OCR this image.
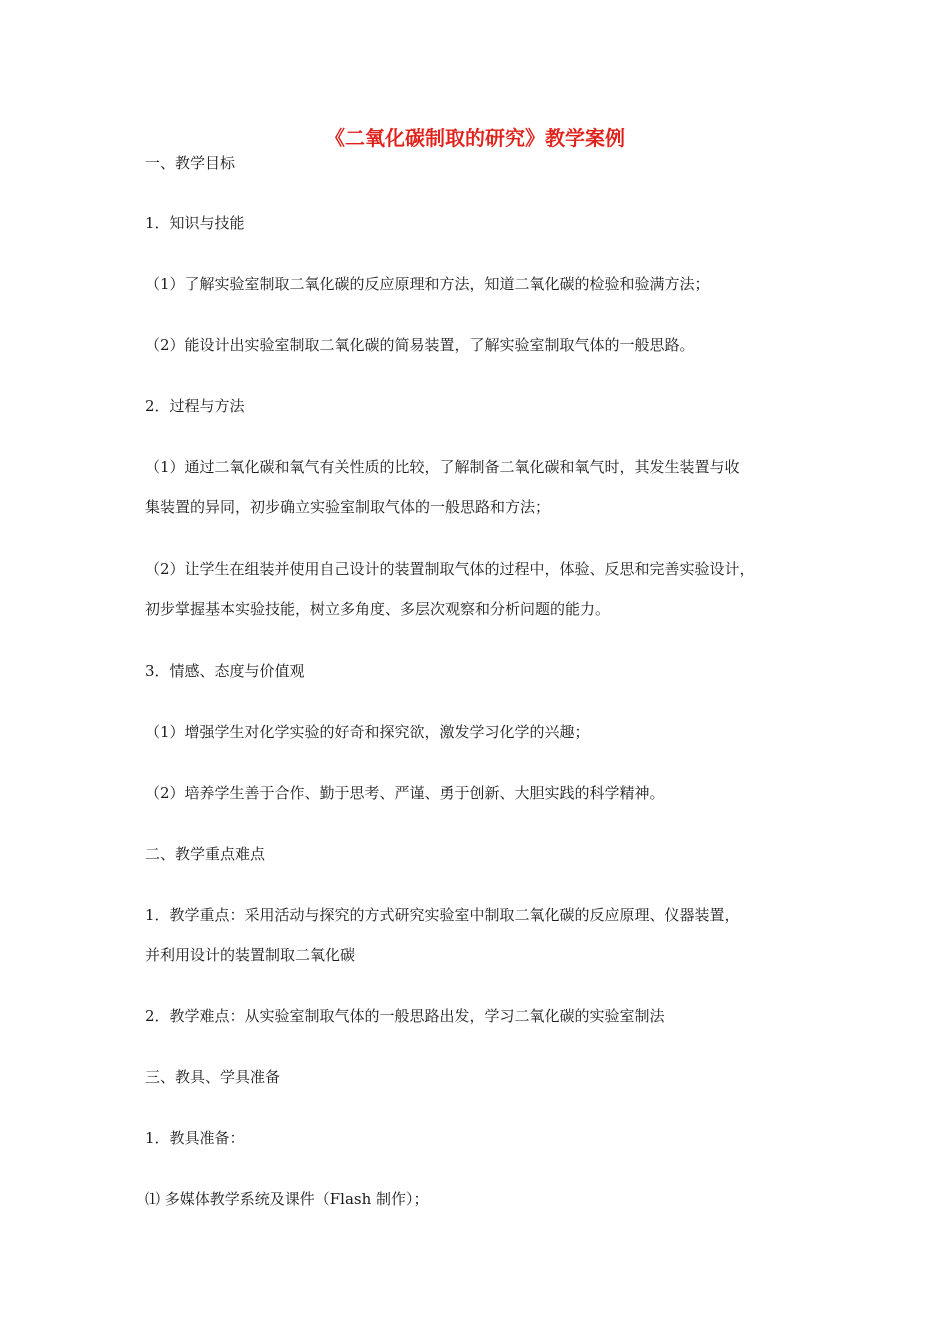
《二氧化碳制取的研究》教学案例

一、教学目标

1．知识与技能

（1）了解实验室制取二氧化碳的反应原理和方法，知道二氧化碳的检验和验满方法；

（2）能设计出实验室制取二氧化碳的简易装置，了解实验室制取气体的一般思路。

2．过程与方法

（1）通过二氧化碳和氧气有关性质的比较，了解制备二氧化碳和氧气时，其发生装置与收

集装置的异同，初步确立实验室制取气体的一般思路和方法；

（2）让学生在组装并使用自己设计的装置制取气体的过程中，体验、反思和完善实验设计，

初步掌握基本实验技能，树立多角度、多层次观察和分析问题的能力。

3．情感、态度与价值观

（1）增强学生对化学实验的好奇和探究欲，激发学习化学的兴趣；

（2）培养学生善于合作、勤于思考、严谨、勇于创新、大胆实践的科学精神。

二、教学重点难点

1．教学重点：采用活动与探究的方式研究实验室中制取二氧化碳的反应原理、仪器装置，

并利用设计的装置制取二氧化碳

2．教学难点：从实验室制取气体的一般思路出发，学习二氧化碳的实验室制法

三、教具、学具准备

1．教具准备：

⑴ 多媒体教学系统及课件（Flash 制作）；
